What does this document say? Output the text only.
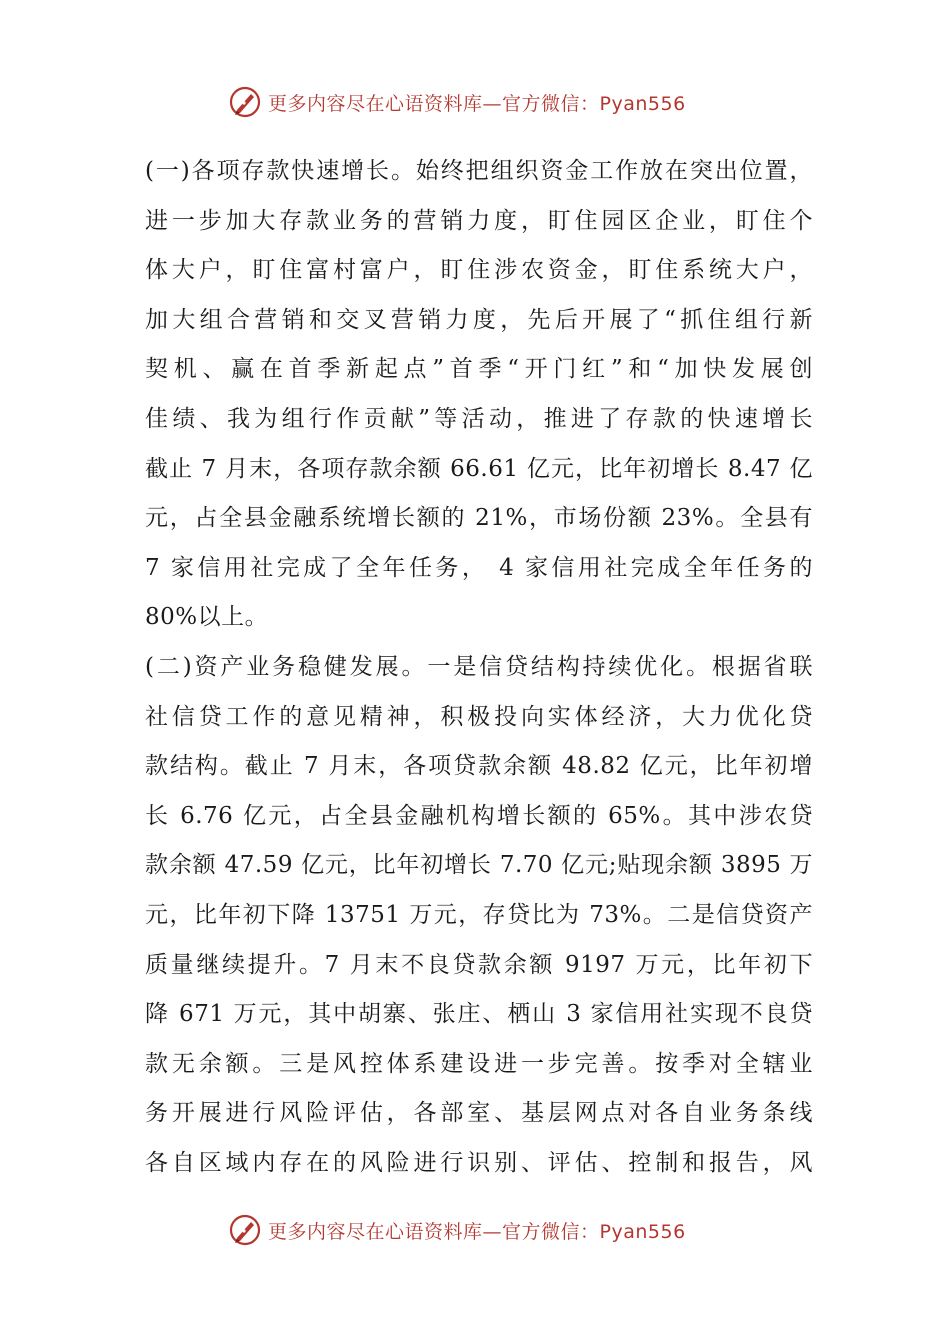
更多内容尽在心语资料库—官方微信：Pyan556
(一)各项存款快速增长。始终把组织资金工作放在突出位置，
进一步加大存款业务的营销力度，盯住园区企业，盯住个
体大户，盯住富村富户，盯住涉农资金，盯住系统大户，
加大组合营销和交叉营销力度，先后开展了“抓住组行新
契机、赢在首季新起点”首季“开门红”和“加快发展创
佳绩、我为组行作贡献”等活动，推进了存款的快速增长
截止 7 月末，各项存款余额 66.61 亿元，比年初增长 8.47 亿
元，占全县金融系统增长额的 21%，市场份额 23%。全县有
7 家信用社完成了全年任务， 4 家信用社完成全年任务的
80%以上。
(二)资产业务稳健发展。一是信贷结构持续优化。根据省联
社信贷工作的意见精神，积极投向实体经济，大力优化贷
款结构。截止 7 月末，各项贷款余额 48.82 亿元，比年初增
长 6.76 亿元，占全县金融机构增长额的 65%。其中涉农贷
款余额 47.59 亿元，比年初增长 7.70 亿元;贴现余额 3895 万
元，比年初下降 13751 万元，存贷比为 73%。二是信贷资产
质量继续提升。7 月末不良贷款余额 9197 万元，比年初下
降 671 万元，其中胡寨、张庄、栖山 3 家信用社实现不良贷
款无余额。三是风控体系建设进一步完善。按季对全辖业
务开展进行风险评估，各部室、基层网点对各自业务条线
各自区域内存在的风险进行识别、评估、控制和报告，风
更多内容尽在心语资料库—官方微信：Pyan556
